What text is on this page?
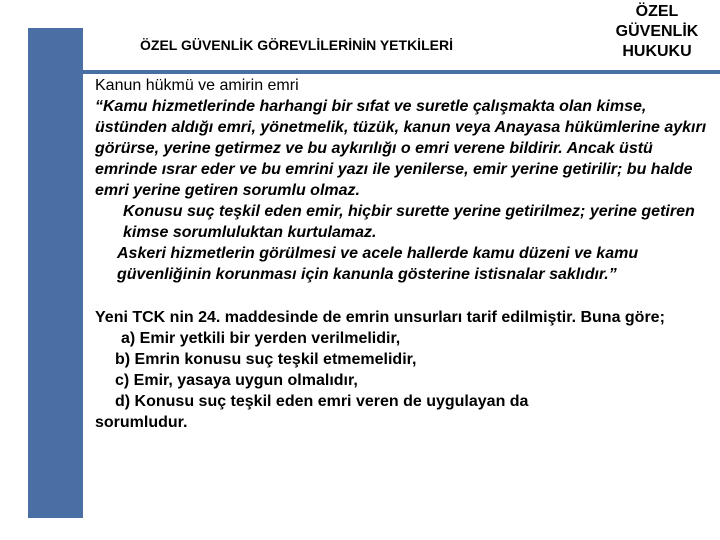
ÖZEL GÜVENLİK GÖREVLİLERİNİN YETKİLERİ
ÖZEL
GÜVENLİK
HUKUKU

Kanun hükmü ve amirin emri

“Kamu hizmetlerinde harhangi bir sıfat ve suretle çalışmakta olan kimse, üstünden aldığı emri, yönetmelik, tüzük, kanun veya Anayasa hükümlerine aykırı görürse, yerine getirmez ve bu aykırılığı o emri verene bildirir. Ancak üstü emrinde ısrar eder ve bu emrini yazı ile yenilerse, emir yerine getirilir; bu halde emri yerine getiren sorumlu olmaz.

Konusu suç teşkil eden emir, hiçbir surette yerine getirilmez; yerine getiren kimse sorumluluktan kurtulamaz.

Askeri hizmetlerin görülmesi ve acele hallerde kamu düzeni ve kamu güvenliğinin korunması için kanunla gösterine istisnalar saklıdır.”

Yeni TCK nin 24. maddesinde de emrin unsurları tarif edilmiştir. Buna göre;

a) Emir yetkili bir yerden verilmelidir,

b) Emrin konusu suç teşkil etmemelidir,

c) Emir, yasaya uygun olmalıdır,

d) Konusu suç teşkil eden emri veren de uygulayan da

sorumludur.
